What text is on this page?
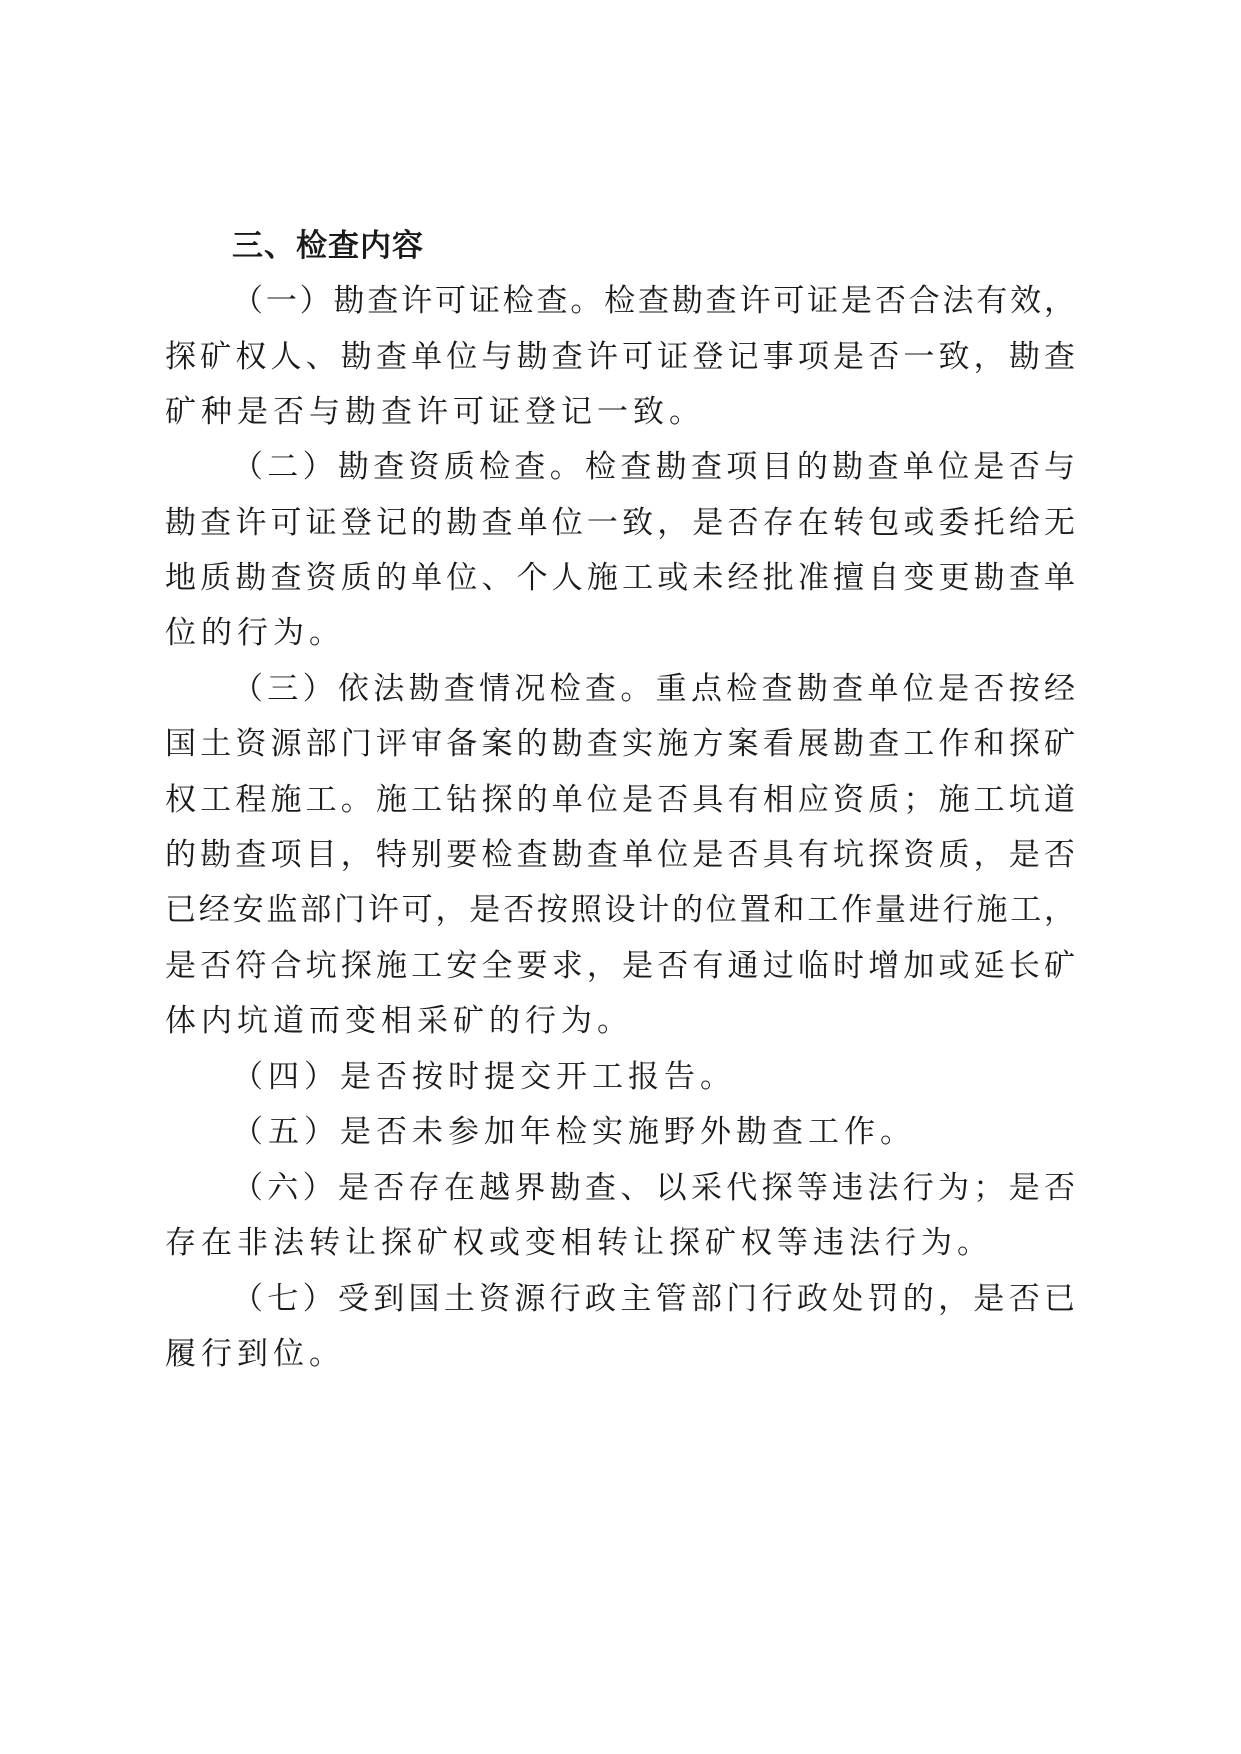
三、检查内容

（一）勘查许可证检查。检查勘查许可证是否合法有效，

探矿权人、勘查单位与勘查许可证登记事项是否一致，勘查

矿种是否与勘查许可证登记一致。

（二）勘查资质检查。检查勘查项目的勘查单位是否与

勘查许可证登记的勘查单位一致，是否存在转包或委托给无

地质勘查资质的单位、个人施工或未经批准擅自变更勘查单

位的行为。

（三）依法勘查情况检查。重点检查勘查单位是否按经

国土资源部门评审备案的勘查实施方案看展勘查工作和探矿

权工程施工。施工钻探的单位是否具有相应资质；施工坑道

的勘查项目，特别要检查勘查单位是否具有坑探资质，是否

已经安监部门许可，是否按照设计的位置和工作量进行施工，

是否符合坑探施工安全要求，是否有通过临时增加或延长矿

体内坑道而变相采矿的行为。

（四）是否按时提交开工报告。

（五）是否未参加年检实施野外勘查工作。

（六）是否存在越界勘查、以采代探等违法行为；是否

存在非法转让探矿权或变相转让探矿权等违法行为。

（七）受到国土资源行政主管部门行政处罚的，是否已

履行到位。
